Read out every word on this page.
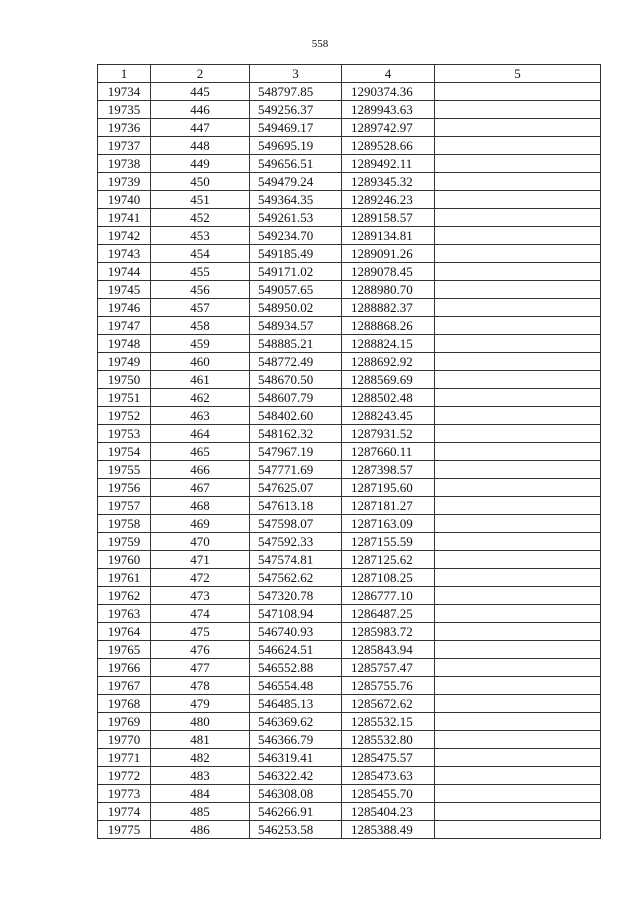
558
1	2	3	4	5
19734	445	548797.85	1290374.36	
19735	446	549256.37	1289943.63	
19736	447	549469.17	1289742.97	
19737	448	549695.19	1289528.66	
19738	449	549656.51	1289492.11	
19739	450	549479.24	1289345.32	
19740	451	549364.35	1289246.23	
19741	452	549261.53	1289158.57	
19742	453	549234.70	1289134.81	
19743	454	549185.49	1289091.26	
19744	455	549171.02	1289078.45	
19745	456	549057.65	1288980.70	
19746	457	548950.02	1288882.37	
19747	458	548934.57	1288868.26	
19748	459	548885.21	1288824.15	
19749	460	548772.49	1288692.92	
19750	461	548670.50	1288569.69	
19751	462	548607.79	1288502.48	
19752	463	548402.60	1288243.45	
19753	464	548162.32	1287931.52	
19754	465	547967.19	1287660.11	
19755	466	547771.69	1287398.57	
19756	467	547625.07	1287195.60	
19757	468	547613.18	1287181.27	
19758	469	547598.07	1287163.09	
19759	470	547592.33	1287155.59	
19760	471	547574.81	1287125.62	
19761	472	547562.62	1287108.25	
19762	473	547320.78	1286777.10	
19763	474	547108.94	1286487.25	
19764	475	546740.93	1285983.72	
19765	476	546624.51	1285843.94	
19766	477	546552.88	1285757.47	
19767	478	546554.48	1285755.76	
19768	479	546485.13	1285672.62	
19769	480	546369.62	1285532.15	
19770	481	546366.79	1285532.80	
19771	482	546319.41	1285475.57	
19772	483	546322.42	1285473.63	
19773	484	546308.08	1285455.70	
19774	485	546266.91	1285404.23	
19775	486	546253.58	1285388.49	
